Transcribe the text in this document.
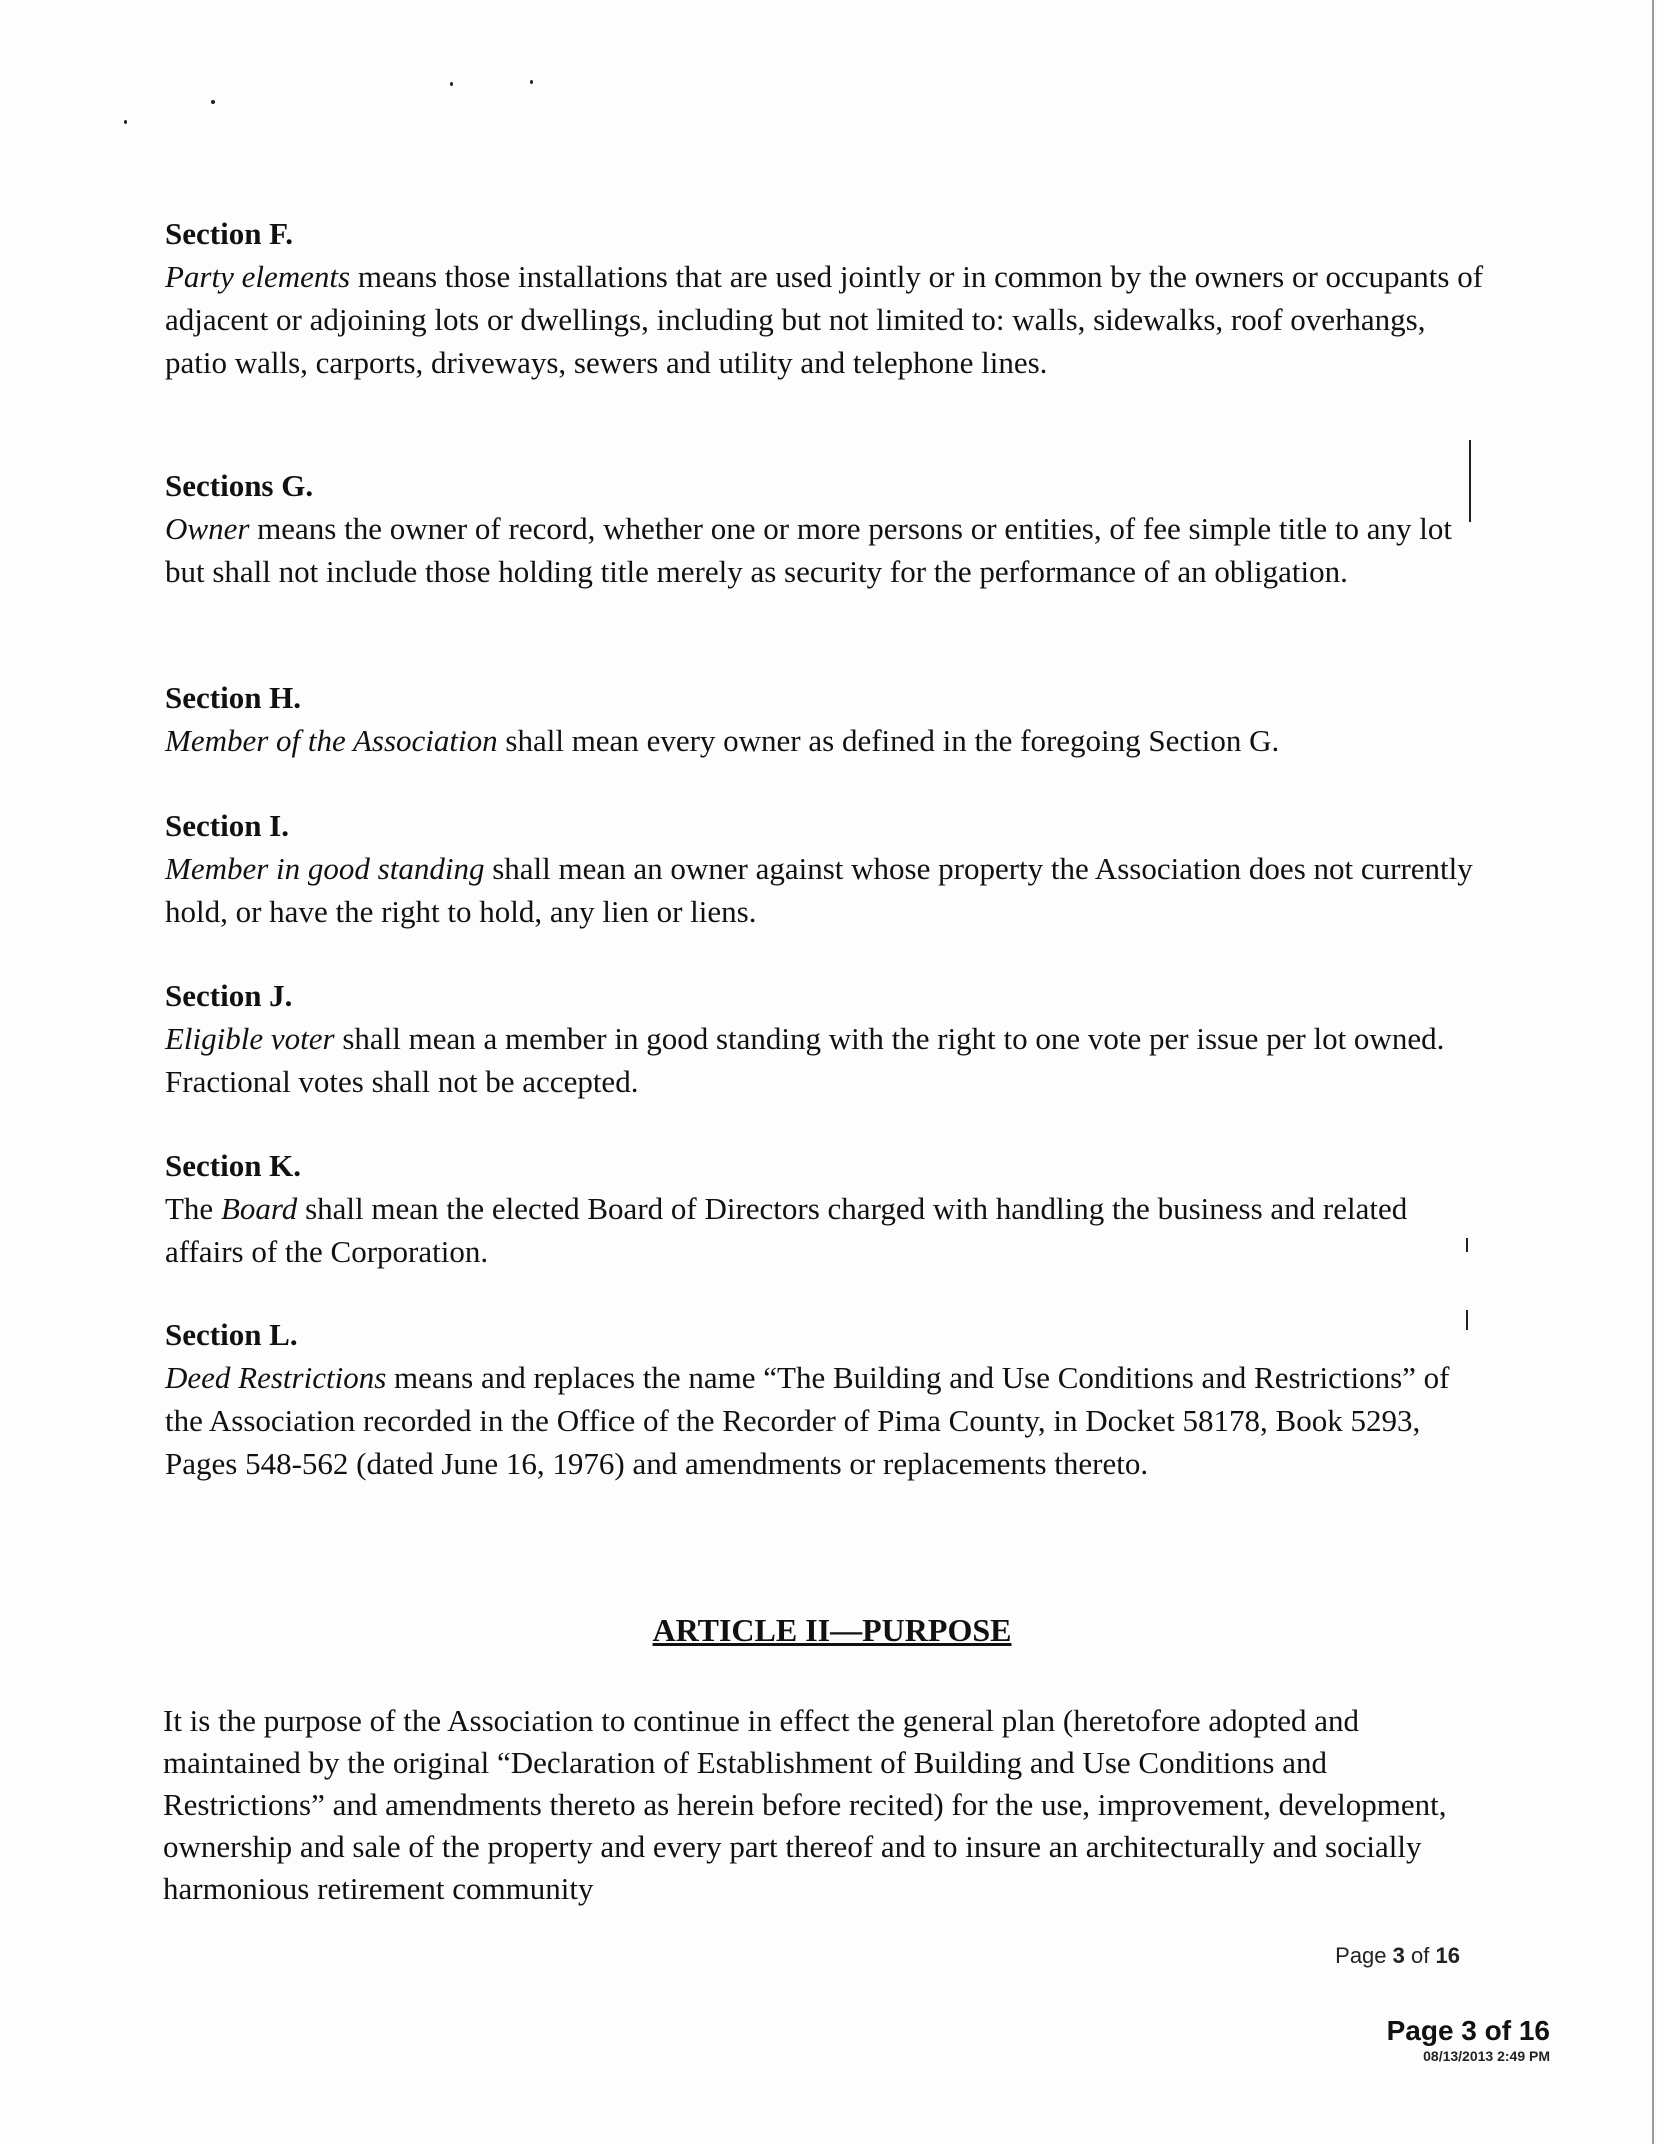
Section F.

Party elements means those installations that are used jointly or in common by the owners or occupants of adjacent or adjoining lots or dwellings, including but not limited to: walls, sidewalks, roof overhangs, patio walls, carports, driveways, sewers and utility and telephone lines.

Sections G.

Owner means the owner of record, whether one or more persons or entities, of fee simple title to any lot but shall not include those holding title merely as security for the performance of an obligation.

Section H.

Member of the Association shall mean every owner as defined in the foregoing Section G.

Section I.

Member in good standing shall mean an owner against whose property the Association does not currently hold, or have the right to hold, any lien or liens.

Section J.

Eligible voter shall mean a member in good standing with the right to one vote per issue per lot owned. Fractional votes shall not be accepted.

Section K.

The Board shall mean the elected Board of Directors charged with handling the business and related affairs of the Corporation.

Section L.

Deed Restrictions means and replaces the name “The Building and Use Conditions and Restrictions” of the Association recorded in the Office of the Recorder of Pima County, in Docket 58178, Book 5293, Pages 548-562 (dated June 16, 1976) and amendments or replacements thereto.

ARTICLE II—PURPOSE

It is the purpose of the Association to continue in effect the general plan (heretofore adopted and maintained by the original “Declaration of Establishment of Building and Use Conditions and Restrictions” and amendments thereto as herein before recited) for the use, improvement, development, ownership and sale of the property and every part thereof and to insure an architecturally and socially harmonious retirement community

Page 3 of 16
Page 3 of 16
08/13/2013 2:49 PM
